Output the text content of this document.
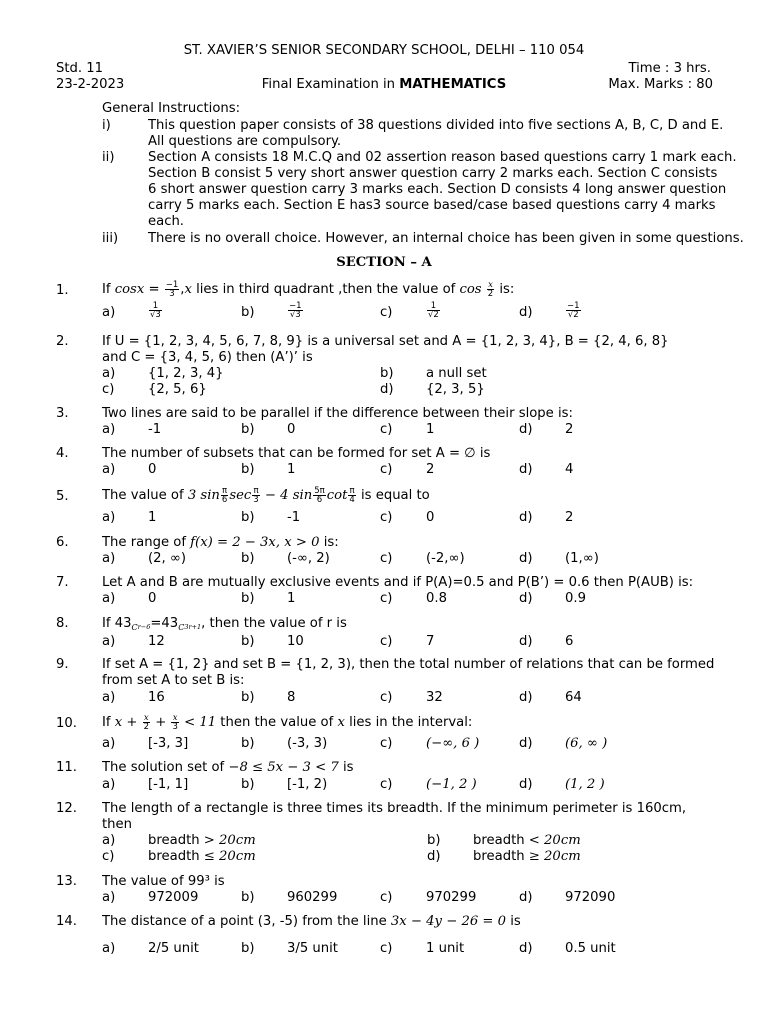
ST. XAVIER’S SENIOR SECONDARY SCHOOL, DELHI – 110 054
Std. 11	Time : 3 hrs.
23-2-2023	Final Examination in MATHEMATICS	Max. Marks : 80
General Instructions:
i)	This question paper consists of 38 questions divided into five sections A, B, C, D and E.
All questions are compulsory.
ii)	Section A consists 18 M.C.Q and 02 assertion reason based questions carry 1 mark each.
Section B consist 5 very short answer question carry 2 marks each. Section C consists
6 short answer question carry 3 marks each. Section D consists 4 long answer question
carry 5 marks each. Section E has3 source based/case based questions carry 4 marks
each.
iii) There is no overall choice. However, an internal choice has been given in some questions.
SECTION – A
1.	If $\cos x = \frac{-1}{3} ,x$ lies in third quadrant ,then the value of $\cos \frac{x}{2}$ is:
a)	$\frac{1}{√3}$	b)	$\frac{-1}{√3}$	c)	$\frac{1}{√2}$	d)	$\frac{-1}{√2}$
2.	If U = {1, 2, 3, 4, 5, 6, 7, 8, 9} is a universal set and A = {1, 2, 3, 4}, B = {2, 4, 6, 8}
and C = {3, 4, 5, 6) then (A’)’ is
a) {1, 2, 3, 4}	b) a null set
c)	{2, 5, 6}	d) {2, 3, 5}
3.	Two lines are said to be parallel if the difference between their slope is:
a) -1	b) 0	c)	1	d) 2
4.	The number of subsets that can be formed for set A = ∅ is
a) 0	b) 1	c)	2	d) 4
5.	The value of 3 $\sin \frac{\pi}{6}$ $\sec \frac{\pi}{3} - 4$ $\sin \frac{5\pi}{6}$ $\cot \frac{\pi}{4}$ is equal to
a) 1	b) -1	c)	0	d) 2
6.	The range of f(x) = 2 − 3x, x > 0 is:
a) (2, ∞)	b) (-∞, 2)	c)	(-2,∞)	d) (1,∞)
7.	Let A and B are mutually exclusive events and if P(A)=0.5 and P(B’) = 0.6 then P(AUB) is:
a) 0	b) 1	c)	0.8	d) 0.9
8.	If $43_Cr-6=43_C3r+1$, then the value of r is
a) 12	b) 10	c)	7	d) 6
9.	If set A = {1, 2} and set B = {1, 2, 3), then the total number of relations that can be formed
from set A to set B is:
a) 16	b) 8	c)	32	d) 64
10. If $x + \frac{x}{2} + \frac{x}{3} < 11$ then the value of x lies in the interval:
a) [-3, 3]	b) (-3, 3)	c)	(−∞, 6 )	d) (6, ∞ )
11. The solution set of −8 ≤ 5x − 3 < 7 is
a) [-1, 1]	b) [-1, 2)	c)	(−1, 2 )	d) (1, 2 )
12. The length of a rectangle is three times its breadth. If the minimum perimeter is 160cm,
then
a) breadth > 20cm	b) breadth < 20cm
c)	breadth ≤ 20cm	d) breadth ≥ 20cm
13. The value of 99³ is
a) 972009	b) 960299	c)	970299	d) 972090
14. The distance of a point (3, -5) from the line 3x − 4y − 26 = 0 is
a) 2/5 unit	b) 3/5 unit	c)	1 unit	d) 0.5 unit
